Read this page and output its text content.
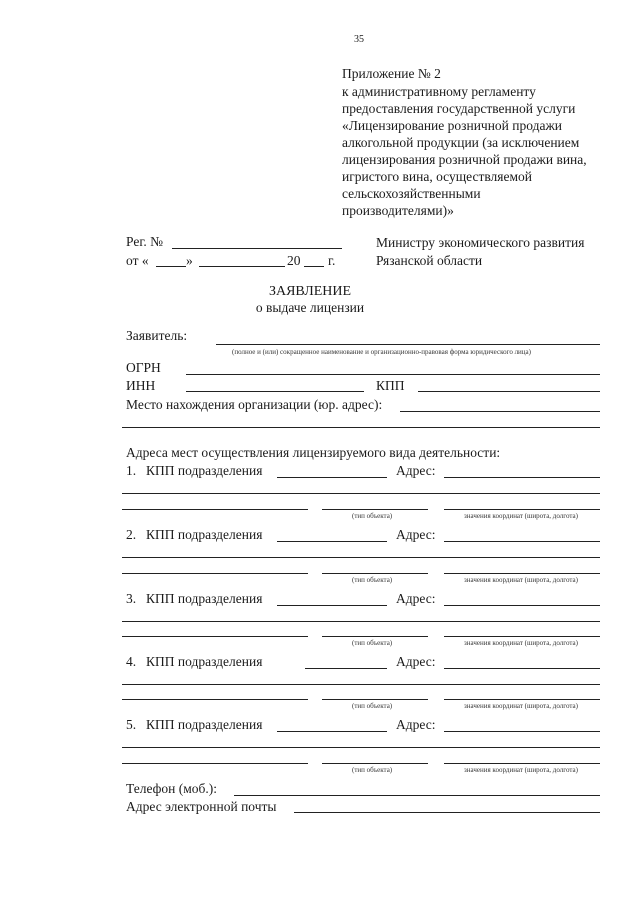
35
Приложение № 2
к административному регламенту
предоставления государственной услуги
«Лицензирование розничной продажи
алкогольной продукции (за исключением
лицензирования розничной продажи вина,
игристого вина, осуществляемой
сельскохозяйственными
производителями)»
Рег. №
от «	»	20 г.
Министру экономического развития
Рязанской области
ЗАЯВЛЕНИЕ
о выдаче лицензии
Заявитель:
(полное и (или) сокращенное наименование и организационно-правовая форма юридического лица)
ОГРН
ИНН	КПП
Место нахождения организации (юр. адрес):
Адреса мест осуществления лицензируемого вида деятельности:
1. КПП подразделения	Адрес:
(тип объекта)	значения координат (широта, долгота)
2. КПП подразделения	Адрес:
(тип объекта)	значения координат (широта, долгота)
3. КПП подразделения	Адрес:
(тип объекта)	значения координат (широта, долгота)
4. КПП подразделения	Адрес:
(тип объекта)	значения координат (широта, долгота)
5. КПП подразделения	Адрес:
(тип объекта)	значения координат (широта, долгота)
Телефон (моб.):
Адрес электронной почты
